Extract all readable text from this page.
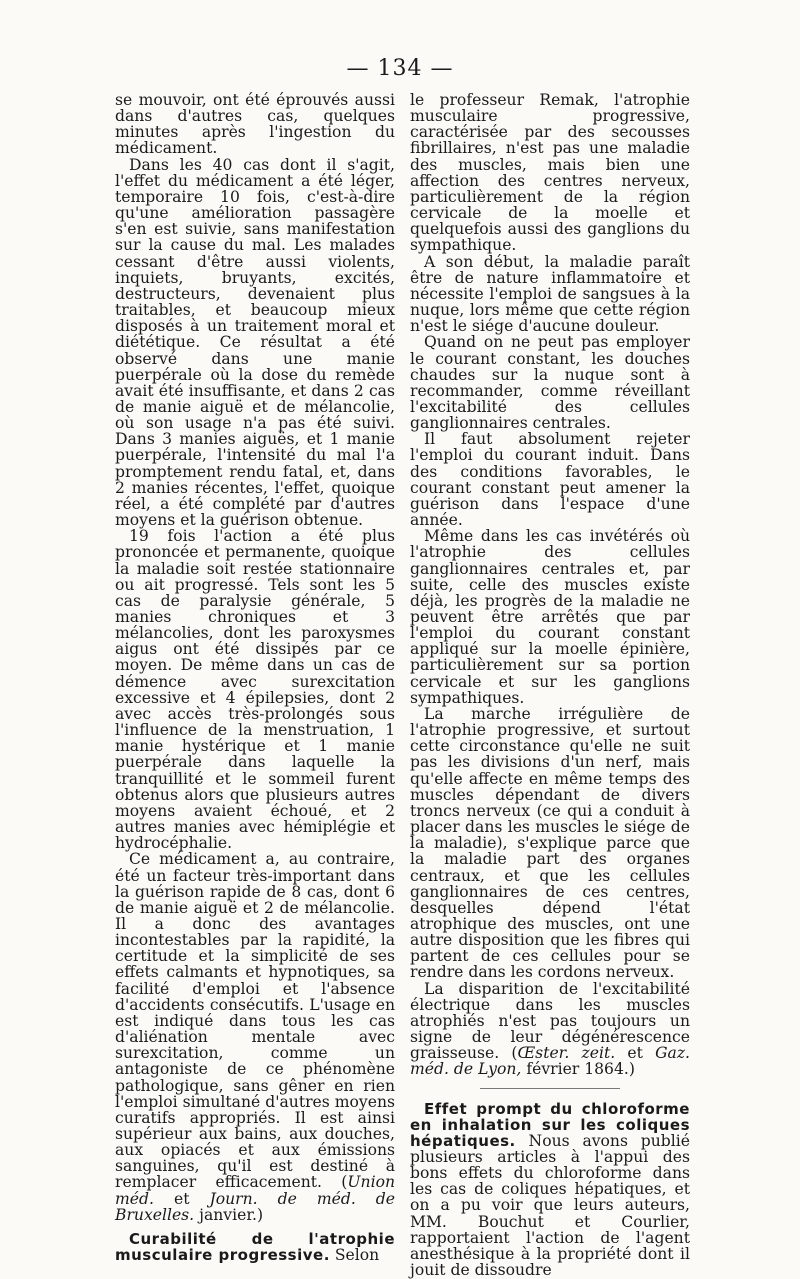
— 134 —

se mouvoir, ont été éprouvés aussi dans d'autres cas, quelques minutes après l'ingestion du médicament.

Dans les 40 cas dont il s'agit, l'effet du médicament a été léger, temporaire 10 fois, c'est-à-dire qu'une amélioration passagère s'en est suivie, sans manifestation sur la cause du mal. Les malades cessant d'être aussi violents, inquiets, bruyants, excités, destructeurs, devenaient plus traitables, et beaucoup mieux disposés à un traitement moral et diététique. Ce résultat a été observé dans une manie puerpérale où la dose du remède avait été insuffisante, et dans 2 cas de manie aiguë et de mélancolie, où son usage n'a pas été suivi. Dans 3 manies aiguës, et 1 manie puerpérale, l'intensité du mal l'a promptement rendu fatal, et, dans 2 manies récentes, l'effet, quoique réel, a été complété par d'autres moyens et la guérison obtenue.

19 fois l'action a été plus prononcée et permanente, quoique la maladie soit restée stationnaire ou ait progressé. Tels sont les 5 cas de paralysie générale, 5 manies chroniques et 3 mélancolies, dont les paroxysmes aigus ont été dissipés par ce moyen. De même dans un cas de démence avec surexcitation excessive et 4 épilepsies, dont 2 avec accès très-prolongés sous l'influence de la menstruation, 1 manie hystérique et 1 manie puerpérale dans laquelle la tranquillité et le sommeil furent obtenus alors que plusieurs autres moyens avaient échoué, et 2 autres manies avec hémiplégie et hydrocéphalie.

Ce médicament a, au contraire, été un facteur très-important dans la guérison rapide de 8 cas, dont 6 de manie aiguë et 2 de mélancolie. Il a donc des avantages incontestables par la rapidité, la certitude et la simplicité de ses effets calmants et hypnotiques, sa facilité d'emploi et l'absence d'accidents consécutifs. L'usage en est indiqué dans tous les cas d'aliénation mentale avec surexcitation, comme un antagoniste de ce phénomène pathologique, sans gêner en rien l'emploi simultané d'autres moyens curatifs appropriés. Il est ainsi supérieur aux bains, aux douches, aux opiacés et aux émissions sanguines, qu'il est destiné à remplacer efficacement. (Union méd. et Journ. de méd. de Bruxelles. janvier.)

Curabilité de l'atrophie musculaire progressive. Selon

le professeur Remak, l'atrophie musculaire progressive, caractérisée par des secousses fibrillaires, n'est pas une maladie des muscles, mais bien une affection des centres nerveux, particulièrement de la région cervicale de la moelle et quelquefois aussi des ganglions du sympathique.

A son début, la maladie paraît être de nature inflammatoire et nécessite l'emploi de sangsues à la nuque, lors même que cette région n'est le siége d'aucune douleur.

Quand on ne peut pas employer le courant constant, les douches chaudes sur la nuque sont à recommander, comme réveillant l'excitabilité des cellules ganglionnaires centrales.

Il faut absolument rejeter l'emploi du courant induit. Dans des conditions favorables, le courant constant peut amener la guérison dans l'espace d'une année.

Même dans les cas invétérés où l'atrophie des cellules ganglionnaires centrales et, par suite, celle des muscles existe déjà, les progrès de la maladie ne peuvent être arrêtés que par l'emploi du courant constant appliqué sur la moelle épinière, particulièrement sur sa portion cervicale et sur les ganglions sympathiques.

La marche irrégulière de l'atrophie progressive, et surtout cette circonstance qu'elle ne suit pas les divisions d'un nerf, mais qu'elle affecte en même temps des muscles dépendant de divers troncs nerveux (ce qui a conduit à placer dans les muscles le siége de la maladie), s'explique parce que la maladie part des organes centraux, et que les cellules ganglionnaires de ces centres, desquelles dépend l'état atrophique des muscles, ont une autre disposition que les fibres qui partent de ces cellules pour se rendre dans les cordons nerveux.

La disparition de l'excitabilité électrique dans les muscles atrophiés n'est pas toujours un signe de leur dégénérescence graisseuse. (Œster. zeit. et Gaz. méd. de Lyon, février 1864.)

Effet prompt du chloroforme en inhalation sur les coliques hépatiques. Nous avons publié plusieurs articles à l'appui des bons effets du chloroforme dans les cas de coliques hépatiques, et on a pu voir que leurs auteurs, MM. Bouchut et Courlier, rapportaient l'action de l'agent anesthésique à la propriété dont il jouit de dissoudre
